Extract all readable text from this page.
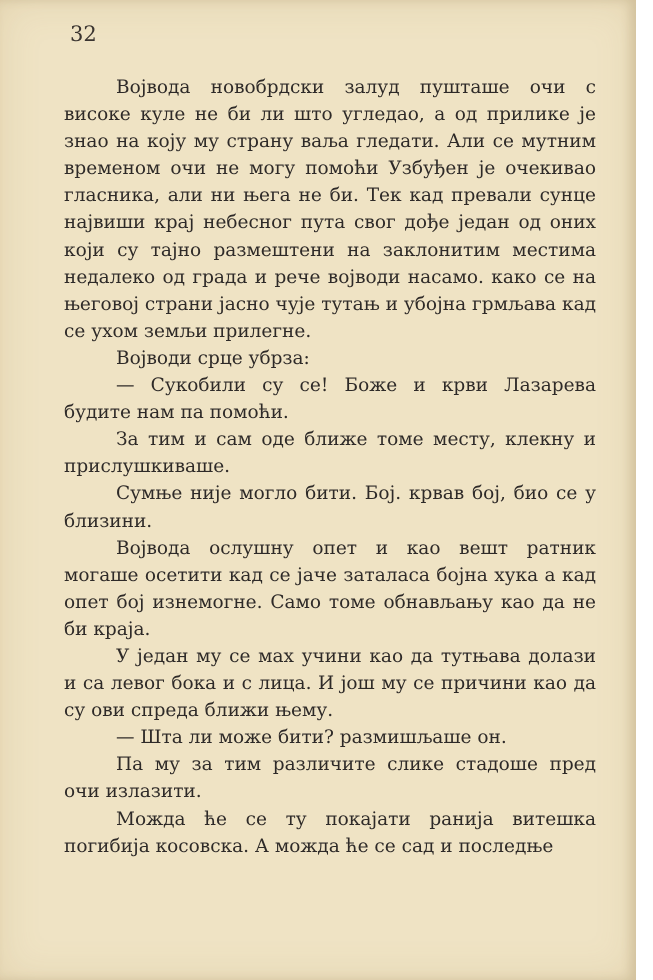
32

Војвода новобрдски залуд пушташе очи с високе куле не би ли што угледао, а од прилике је знао на коју му страну ваља гледати. Али се мутним временом очи не могу помоћи Узбуђен је очекивао гласника, али ни њега не би. Тек кад превали сунце највиши крај небесног пута свог дође један од оних који су тајно размештени на заклонитим местима недалеко од града и рече војводи насамо. како се на његовој страни јасно чује тутањ и убојна грмљава кад се ухом земљи прилегне.

Војводи срце убрза:

— Сукобили су се! Боже и крви Лазарева будите нам па помоћи.

За тим и сам оде ближе томе месту, клекну и прислушкиваше.

Сумње није могло бити. Бој. крвав бој, био се у близини.

Војвода ослушну опет и као вешт ратник могаше осетити кад се јаче заталаса бојна хука а кад опет бој изнемогне. Само томе обнављању као да не би краја.

У један му се мах учини као да тутњава долази и са левог бока и с лица. И још му се причини као да су ови спреда ближи њему.

— Шта ли може бити? размишљаше он.

Па му за тим различите слике стадоше пред очи излазити.

Можда ће се ту покајати ранија витешка погибија косовска. А можда ће се сад и последње
